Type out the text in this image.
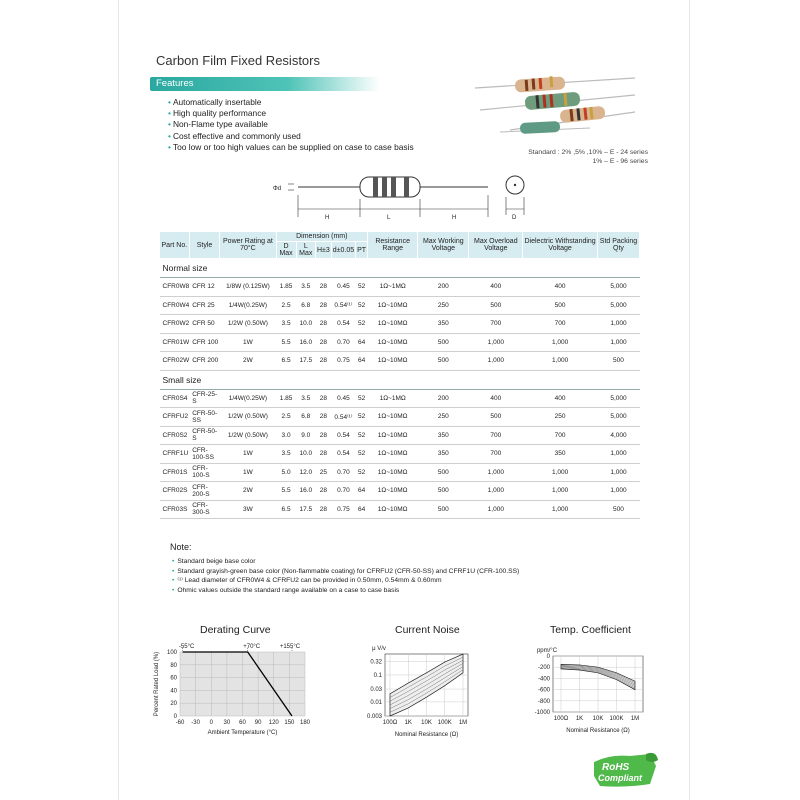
Carbon Film Fixed Resistors
Features
• Automatically insertable
• High quality performance
• Non-Flame type available
• Cost effective and commonly used
• Too low or too high values can be supplied on case to case basis
Standard : 2% ,5% ,10% – E - 24 series
1% – E - 96 series
Φd
H	L	H	D
Part No.	Style	Power Rating at 70°C	Dimension (mm)					Resistance Range	Max Working Voltage	Max Overload Voltage	Dielectric Withstanding Voltage	Std Packing Qty
			D Max	L Max	H±3	d±0.05	PT					
Normal size												
CFR0W8	CFR 12	1/8W (0.125W)	1.85	3.5	28	0.45	52	1Ω~1MΩ	200	400	400	5,000
CFR0W4	CFR 25	1/4W(0.25W)	2.5	6.8	28	0.54⁽¹⁾	52	1Ω~10MΩ	250	500	500	5,000
CFR0W2	CFR 50	1/2W (0.50W)	3.5	10.0	28	0.54	52	1Ω~10MΩ	350	700	700	1,000
CFR01W	CFR 100	1W	5.5	16.0	28	0.70	64	1Ω~10MΩ	500	1,000	1,000	1,000
CFR02W	CFR 200	2W	6.5	17.5	28	0.75	64	1Ω~10MΩ	500	1,000	1,000	500
Small size												
CFR0S4	CFR-25-S	1/4W(0.25W)	1.85	3.5	28	0.45	52	1Ω~1MΩ	200	400	400	5,000
CFRFU2	CFR-50-SS	1/2W (0.50W)	2.5	6.8	28	0.54⁽¹⁾	52	1Ω~10MΩ	250	500	250	5,000
CFR0S2	CFR-50-S	1/2W (0.50W)	3.0	9.0	28	0.54	52	1Ω~10MΩ	350	700	700	4,000
CFRF1U	CFR-100-SS	1W	3.5	10.0	28	0.54	52	1Ω~10MΩ	350	700	350	1,000
CFR01S	CFR-100-S	1W	5.0	12.0	25	0.70	52	1Ω~10MΩ	500	1,000	1,000	1,000
CFR02S	CFR-200-S	2W	5.5	16.0	28	0.70	64	1Ω~10MΩ	500	1,000	1,000	1,000
CFR03S	CFR-300-S	3W	6.5	17.5	28	0.75	64	1Ω~10MΩ	500	1,000	1,000	500
Note:
• Standard beige base color
• Standard grayish-green base color (Non-flammable coating) for CFRFU2 (CFR-50-SS) and CFRF1U (CFR-100.SS)
• ⁽¹⁾ Lead diameter of CFR0W4 & CFRFU2 can be provided in 0.50mm, 0.54mm & 0.60mm
• Ohmic values outside the standard range available on a case to case basis
Derating Curve	Current Noise	Temp. Coefficient
-60 -30 0 30 60 90 120 150 180
0
20
40
60
80
100
-55°C	+70°C	+155°C
Ambient Temperature (°C)
Percent Rated Load (%)	0.32
0.1
0.03
0.01
0.003
100Ω 1K 10K 100K 1M
μ V/v
Nominal Resistance (Ω)
0
-200
-400
-600
-800
-1000
100Ω 1K 10K 100K 1M
ppm/°C
Nominal Resistance (Ω)
RoHS
Compliant
